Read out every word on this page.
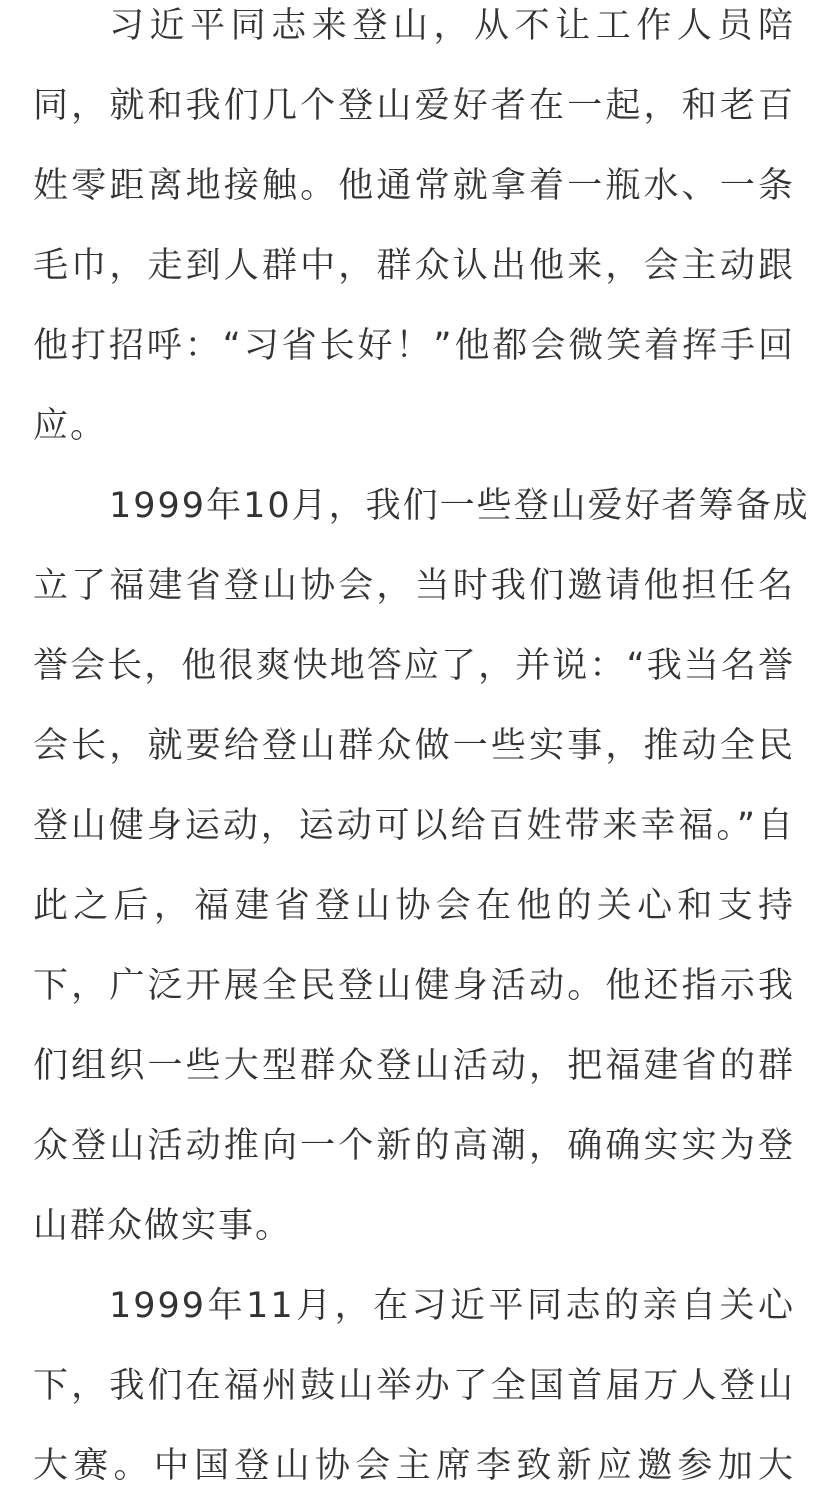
习近平同志来登山，从不让工作人员陪
同，就和我们几个登山爱好者在一起，和老百
姓零距离地接触。他通常就拿着一瓶水、一条
毛巾，走到人群中，群众认出他来，会主动跟
他打招呼：“习省长好！”他都会微笑着挥手回
应。
1999年10月，我们一些登山爱好者筹备成
立了福建省登山协会，当时我们邀请他担任名
誉会长，他很爽快地答应了，并说：“我当名誉
会长，就要给登山群众做一些实事，推动全民
登山健身运动，运动可以给百姓带来幸福。”自
此之后，福建省登山协会在他的关心和支持
下，广泛开展全民登山健身活动。他还指示我
们组织一些大型群众登山活动，把福建省的群
众登山活动推向一个新的高潮，确确实实为登
山群众做实事。
1999年11月，在习近平同志的亲自关心
下，我们在福州鼓山举办了全国首届万人登山
大赛。中国登山协会主席李致新应邀参加大
